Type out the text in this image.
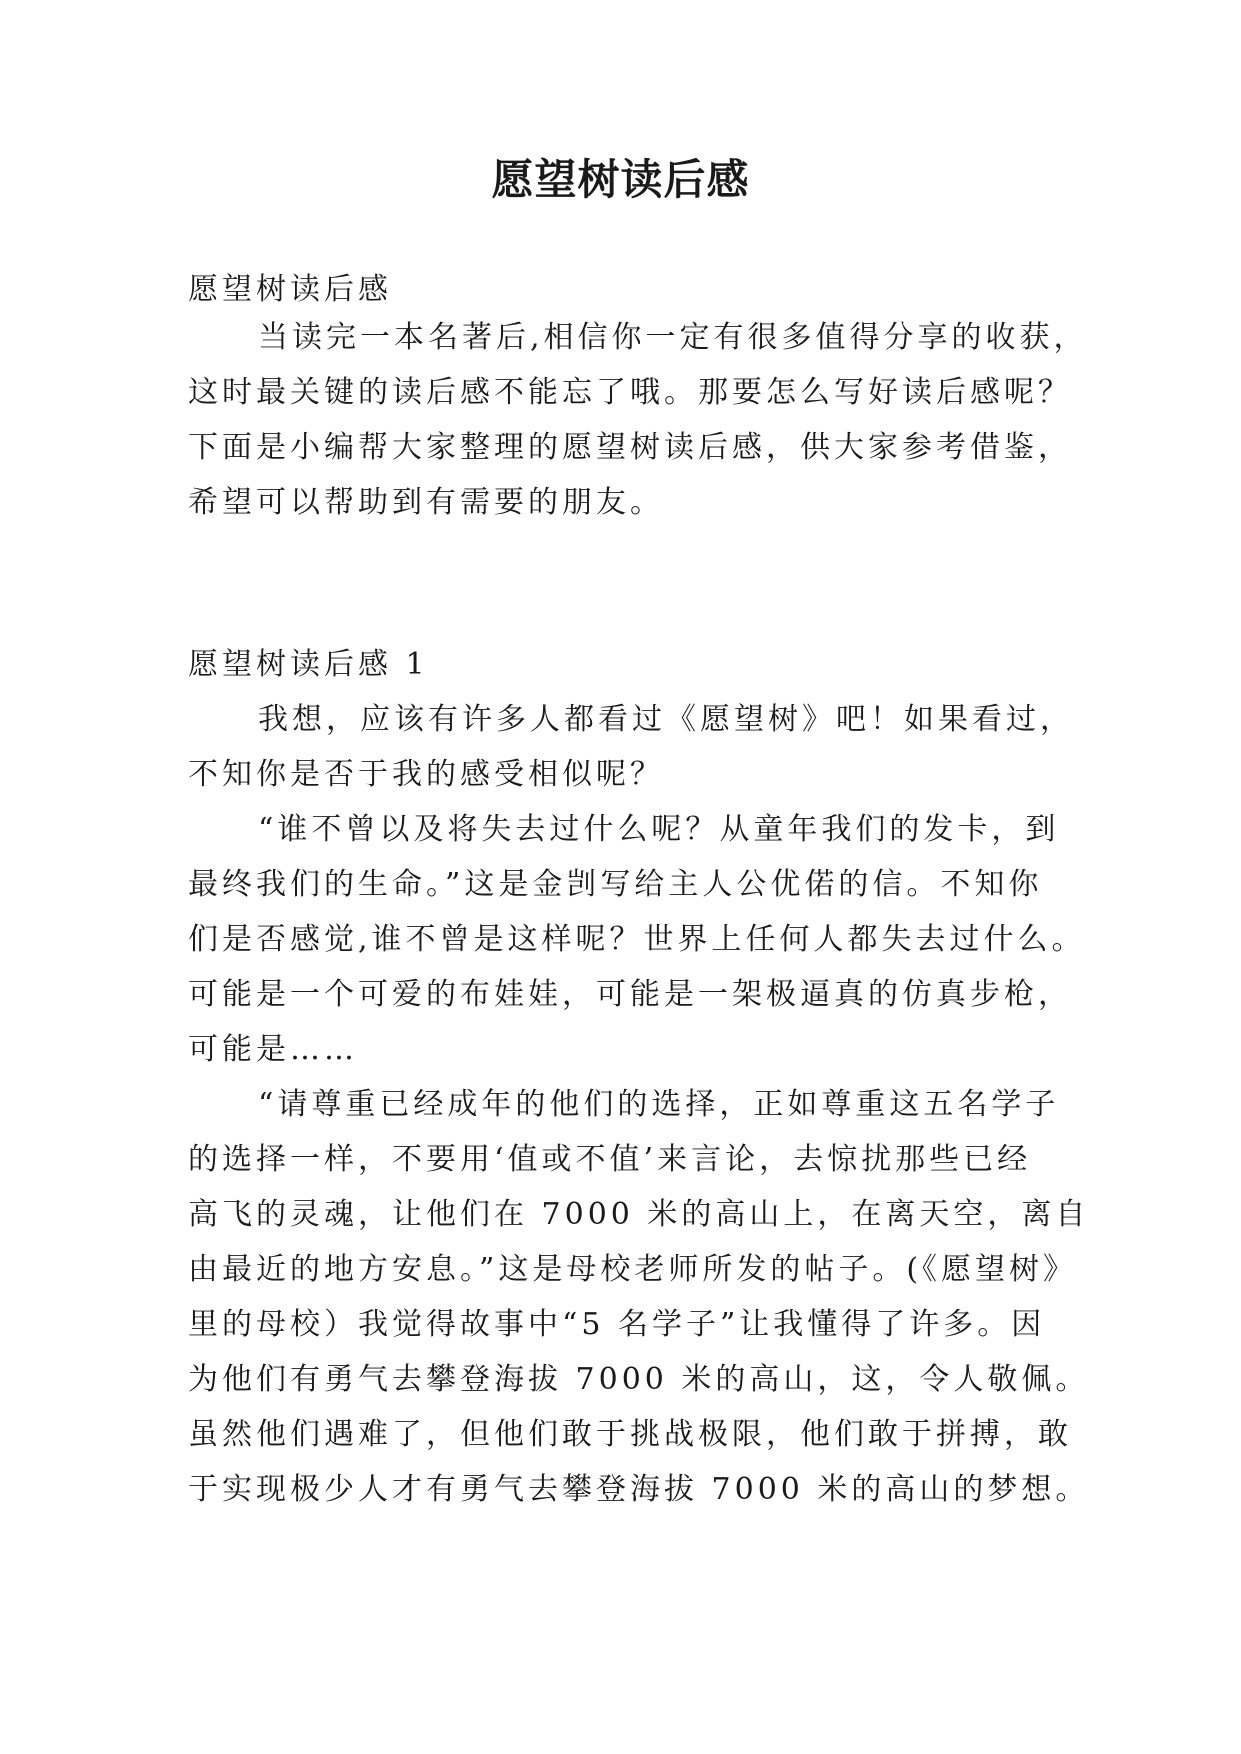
愿望树读后感

愿望树读后感

当读完一本名著后,相信你一定有很多值得分享的收获，
这时最关键的读后感不能忘了哦。那要怎么写好读后感呢？
下面是小编帮大家整理的愿望树读后感，供大家参考借鉴，
希望可以帮助到有需要的朋友。

愿望树读后感 1

我想，应该有许多人都看过《愿望树》吧！如果看过，
不知你是否于我的感受相似呢？

“谁不曾以及将失去过什么呢？从童年我们的发卡，到
最终我们的生命。”这是金剀写给主人公优偌的信。不知你
们是否感觉,谁不曾是这样呢？世界上任何人都失去过什么。
可能是一个可爱的布娃娃，可能是一架极逼真的仿真步枪，
可能是……

“请尊重已经成年的他们的选择，正如尊重这五名学子
的选择一样，不要用‘值或不值’来言论，去惊扰那些已经
高飞的灵魂，让他们在 7000 米的高山上，在离天空，离自
由最近的地方安息。”这是母校老师所发的帖子。(《愿望树》
里的母校）我觉得故事中“5 名学子”让我懂得了许多。因
为他们有勇气去攀登海拔 7000 米的高山，这，令人敬佩。
虽然他们遇难了，但他们敢于挑战极限，他们敢于拼搏，敢
于实现极少人才有勇气去攀登海拔 7000 米的高山的梦想。
